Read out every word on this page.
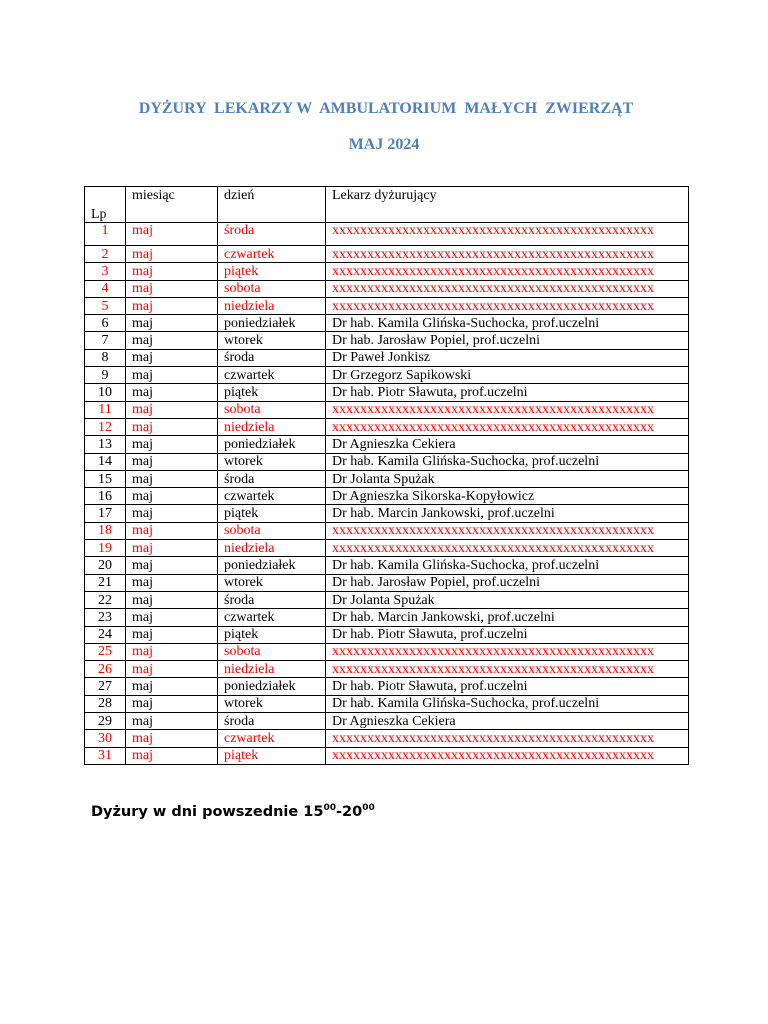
DYŻURY  LEKARZY W  AMBULATORIUM  MAŁYCH  ZWIERZĄT
MAJ 2024
Lp	miesiąc	dzień	Lekarz dyżurujący
1	maj	środa	xxxxxxxxxxxxxxxxxxxxxxxxxxxxxxxxxxxxxxxxxxxxxx
2	maj	czwartek	xxxxxxxxxxxxxxxxxxxxxxxxxxxxxxxxxxxxxxxxxxxxxx
3	maj	piątek	xxxxxxxxxxxxxxxxxxxxxxxxxxxxxxxxxxxxxxxxxxxxxx
4	maj	sobota	xxxxxxxxxxxxxxxxxxxxxxxxxxxxxxxxxxxxxxxxxxxxxx
5	maj	niedziela	xxxxxxxxxxxxxxxxxxxxxxxxxxxxxxxxxxxxxxxxxxxxxx
6	maj	poniedziałek	Dr hab. Kamila Glińska-Suchocka, prof.uczelni
7	maj	wtorek	Dr hab. Jarosław Popiel, prof.uczelni
8	maj	środa	Dr Paweł Jonkisz
9	maj	czwartek	Dr Grzegorz Sapikowski
10	maj	piątek	Dr hab. Piotr Sławuta, prof.uczelni
11	maj	sobota	xxxxxxxxxxxxxxxxxxxxxxxxxxxxxxxxxxxxxxxxxxxxxx
12	maj	niedziela	xxxxxxxxxxxxxxxxxxxxxxxxxxxxxxxxxxxxxxxxxxxxxx
13	maj	poniedziałek	Dr Agnieszka Cekiera
14	maj	wtorek	Dr hab. Kamila Glińska-Suchocka, prof.uczelni
15	maj	środa	Dr Jolanta Spużak
16	maj	czwartek	Dr Agnieszka Sikorska-Kopyłowicz
17	maj	piątek	Dr hab. Marcin Jankowski, prof.uczelni
18	maj	sobota	xxxxxxxxxxxxxxxxxxxxxxxxxxxxxxxxxxxxxxxxxxxxxx
19	maj	niedziela	xxxxxxxxxxxxxxxxxxxxxxxxxxxxxxxxxxxxxxxxxxxxxx
20	maj	poniedziałek	Dr hab. Kamila Glińska-Suchocka, prof.uczelni
21	maj	wtorek	Dr hab. Jarosław Popiel, prof.uczelni
22	maj	środa	Dr Jolanta Spużak
23	maj	czwartek	Dr hab. Marcin Jankowski, prof.uczelni
24	maj	piątek	Dr hab. Piotr Sławuta, prof.uczelni
25	maj	sobota	xxxxxxxxxxxxxxxxxxxxxxxxxxxxxxxxxxxxxxxxxxxxxx
26	maj	niedziela	xxxxxxxxxxxxxxxxxxxxxxxxxxxxxxxxxxxxxxxxxxxxxx
27	maj	poniedziałek	Dr hab. Piotr Sławuta, prof.uczelni
28	maj	wtorek	Dr hab. Kamila Glińska-Suchocka, prof.uczelni
29	maj	środa	Dr Agnieszka Cekiera
30	maj	czwartek	xxxxxxxxxxxxxxxxxxxxxxxxxxxxxxxxxxxxxxxxxxxxxx
31	maj	piątek	xxxxxxxxxxxxxxxxxxxxxxxxxxxxxxxxxxxxxxxxxxxxxx
Dyżury w dni powszednie $15^{00}-20^{00}$
